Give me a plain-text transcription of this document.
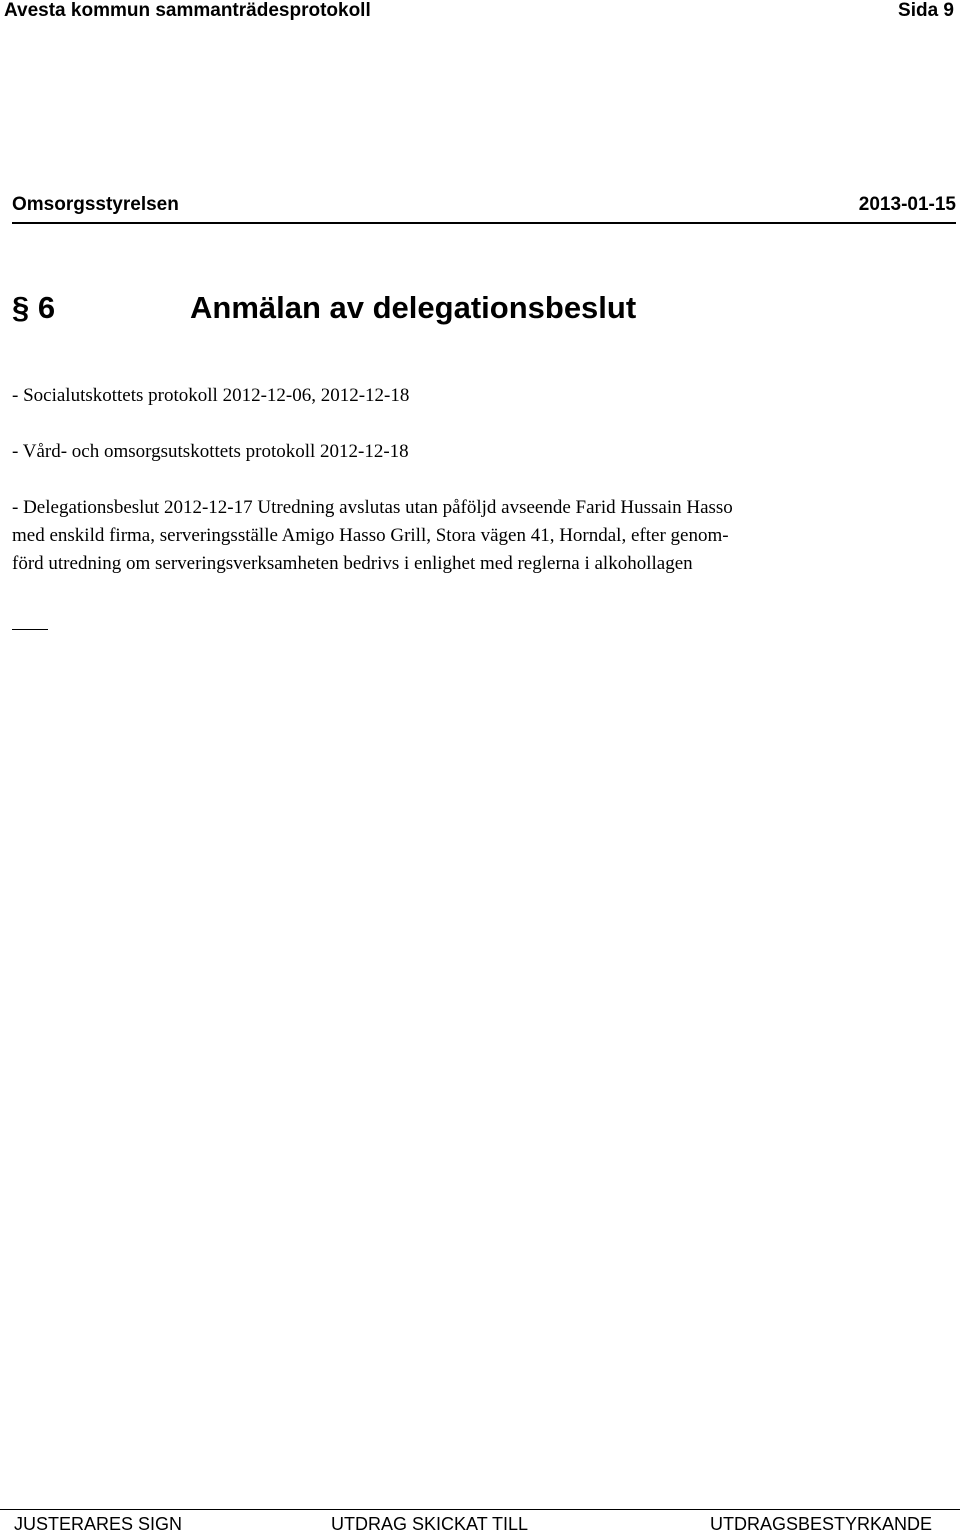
Avesta kommun sammanträdesprotokoll	Sida 9
Omsorgsstyrelsen	2013-01-15
§ 6	Anmälan av delegationsbeslut
- Socialutskottets protokoll 2012-12-06, 2012-12-18
- Vård- och omsorgsutskottets protokoll 2012-12-18
- Delegationsbeslut 2012-12-17 Utredning avslutas utan påföljd avseende Farid Hussain Hasso
med enskild firma, serveringsställe Amigo Hasso Grill, Stora vägen 41, Horndal, efter genom-
förd utredning om serveringsverksamheten bedrivs i enlighet med reglerna i alkohollagen
JUSTERARES SIGN	UTDRAG SKICKAT TILL	UTDRAGSBESTYRKANDE
